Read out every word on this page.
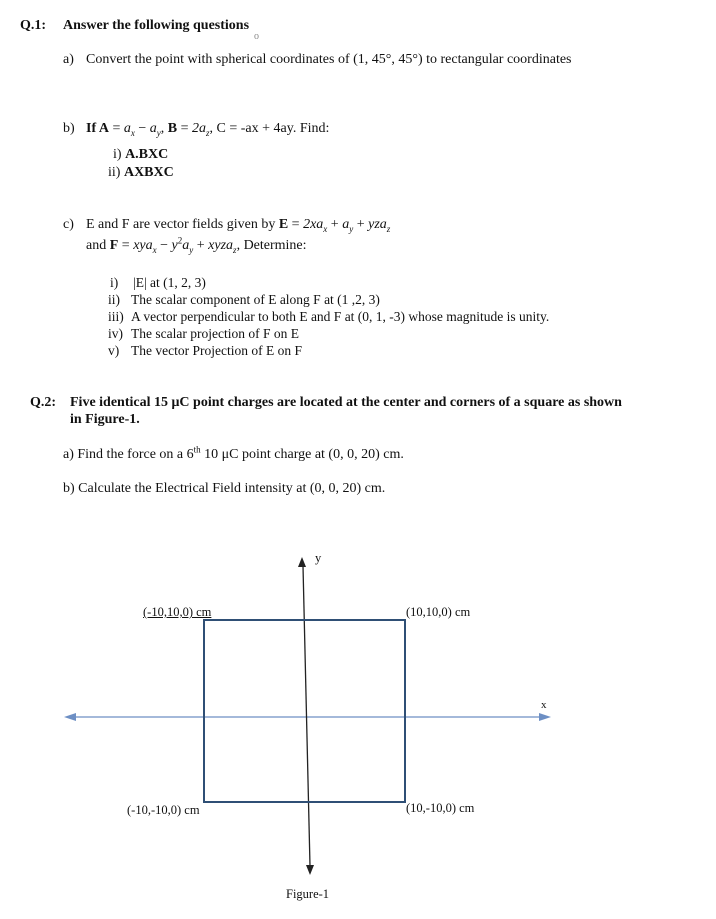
Q.1: Answer the following questions
o
a) Convert the point with spherical coordinates of (1, 45°, 45°) to rectangular coordinates
b) If $A = a_x - a_y$, $B = 2a_z$, C = -ax + 4ay. Find:
i) A.BXC
ii) AXBXC
c) E and F are vector fields given by $E = 2xa_x + a_y + yza_z$
and $F = xya_x - y^2a_y$ + xyza$_z$, Determine:
i) |E| at (1, 2, 3)
ii) The scalar component of E along F at (1 ,2, 3)
iii) A vector perpendicular to both E and F at (0, 1, -3) whose magnitude is unity.
iv) The scalar projection of F on E
v) The vector Projection of E on F
Q.2: Five identical 15 μC point charges are located at the center and corners of a square as shown
in Figure-1.
a) Find the force on a 6th 10 μC point charge at (0, 0, 20) cm.
b) Calculate the Electrical Field intensity at (0, 0, 20) cm.
y
x
(-10,10,0) cm	(10,10,0) cm
(-10,-10,0) cm	(10,-10,0) cm
Figure-1
